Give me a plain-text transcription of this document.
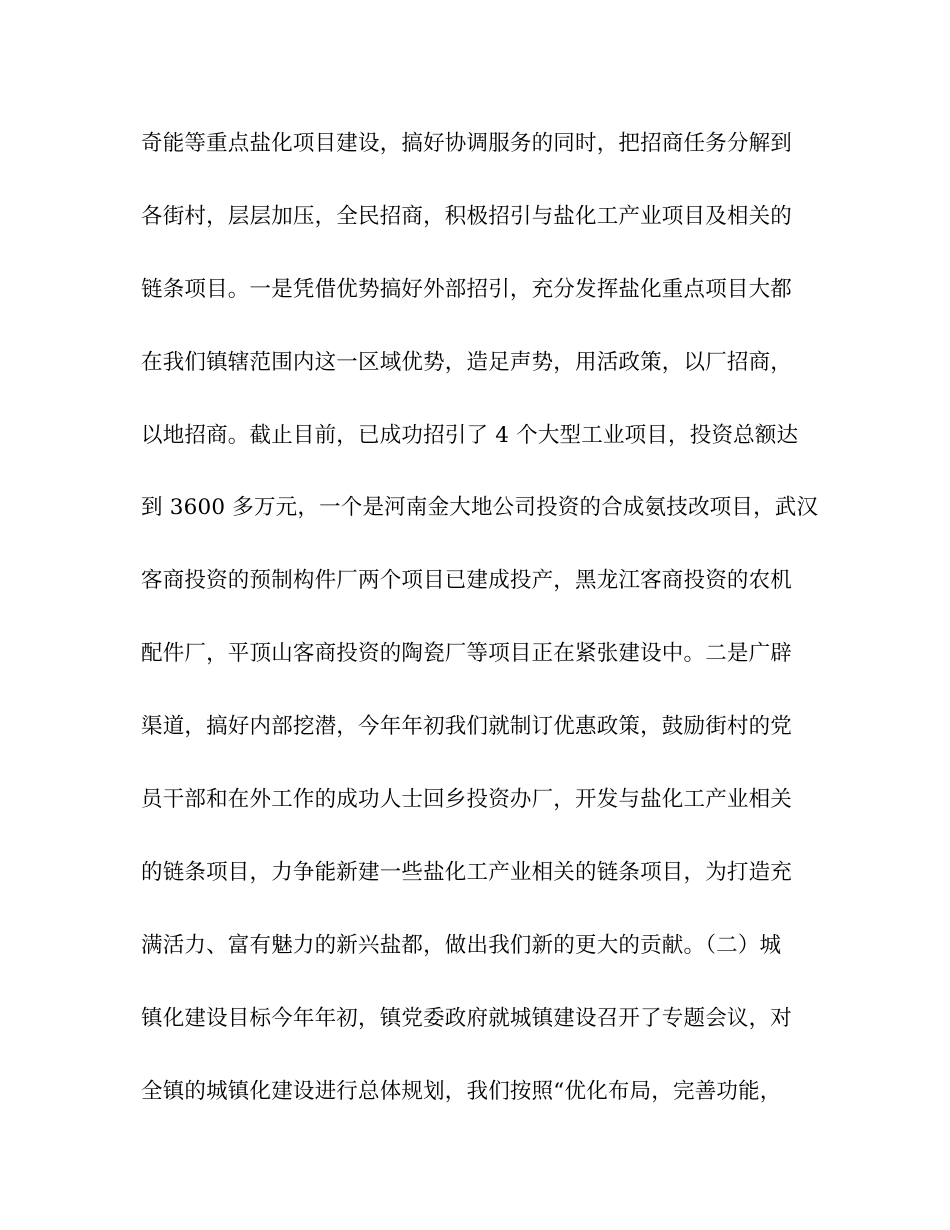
奇能等重点盐化项目建设，搞好协调服务的同时，把招商任务分解到
各街村，层层加压，全民招商，积极招引与盐化工产业项目及相关的
链条项目。一是凭借优势搞好外部招引，充分发挥盐化重点项目大都
在我们镇辖范围内这一区域优势，造足声势，用活政策，以厂招商，
以地招商。截止目前，已成功招引了 4 个大型工业项目，投资总额达
到 3600 多万元，一个是河南金大地公司投资的合成氨技改项目，武汉
客商投资的预制构件厂两个项目已建成投产，黑龙江客商投资的农机
配件厂，平顶山客商投资的陶瓷厂等项目正在紧张建设中。二是广辟
渠道，搞好内部挖潜，今年年初我们就制订优惠政策，鼓励街村的党
员干部和在外工作的成功人士回乡投资办厂，开发与盐化工产业相关
的链条项目，力争能新建一些盐化工产业相关的链条项目，为打造充
满活力、富有魅力的新兴盐都，做出我们新的更大的贡献。（二）城
镇化建设目标今年年初，镇党委政府就城镇建设召开了专题会议，对
全镇的城镇化建设进行总体规划，我们按照“优化布局，完善功能，
